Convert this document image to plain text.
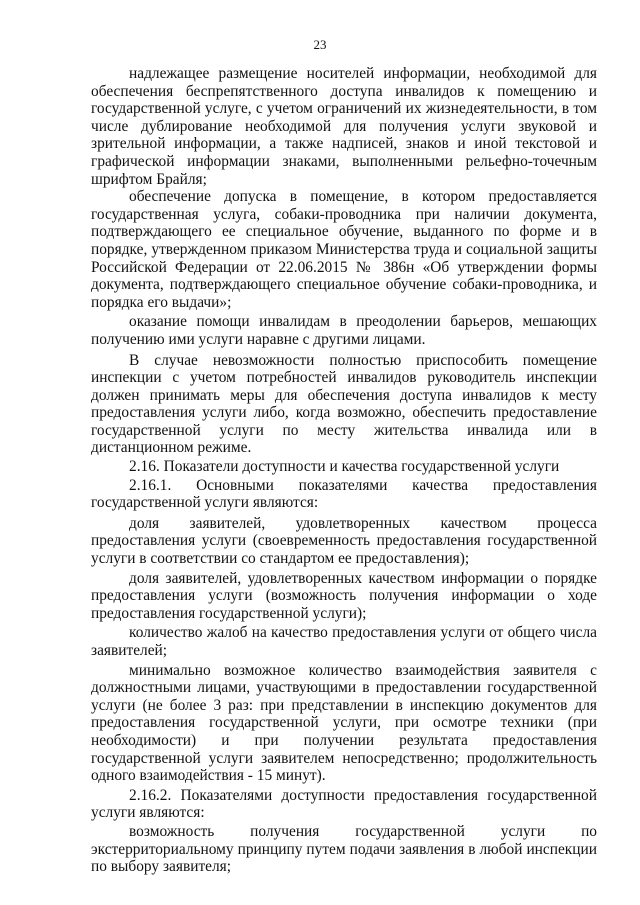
23

надлежащее размещение носителей информации, необходимой для обеспечения беспрепятственного доступа инвалидов к помещению и государственной услуге, с учетом ограничений их жизнедеятельности, в том числе дублирование необходимой для получения услуги звуковой и зрительной информации, а также надписей, знаков и иной текстовой и графической информации знаками, выполненными рельефно-точечным шрифтом Брайля;

обеспечение допуска в помещение, в котором предоставляется государственная услуга, собаки-проводника при наличии документа, подтверждающего ее специальное обучение, выданного по форме и в порядке, утвержденном приказом Министерства труда и социальной защиты Российской Федерации от 22.06.2015 № 386н «Об утверждении формы документа, подтверждающего специальное обучение собаки-проводника, и порядка его выдачи»;

оказание помощи инвалидам в преодолении барьеров, мешающих получению ими услуги наравне с другими лицами.

В случае невозможности полностью приспособить помещение инспекции с учетом потребностей инвалидов руководитель инспекции должен принимать меры для обеспечения доступа инвалидов к месту предоставления услуги либо, когда возможно, обеспечить предоставление государственной услуги по месту жительства инвалида или в дистанционном режиме.

2.16. Показатели доступности и качества государственной услуги

2.16.1. Основными показателями качества предоставления государственной услуги являются:

доля заявителей, удовлетворенных качеством процесса предоставления услуги (своевременность предоставления государственной услуги в соответствии со стандартом ее предоставления);

доля заявителей, удовлетворенных качеством информации о порядке предоставления услуги (возможность получения информации о ходе предоставления государственной услуги);

количество жалоб на качество предоставления услуги от общего числа заявителей;

минимально возможное количество взаимодействия заявителя с должностными лицами, участвующими в предоставлении государственной услуги (не более 3 раз: при представлении в инспекцию документов для предоставления государственной услуги, при осмотре техники (при необходимости) и при получении результата предоставления государственной услуги заявителем непосредственно; продолжительность одного взаимодействия - 15 минут).

2.16.2. Показателями доступности предоставления государственной услуги являются:

возможность получения государственной услуги по экстерриториальному принципу путем подачи заявления в любой инспекции по выбору заявителя;
